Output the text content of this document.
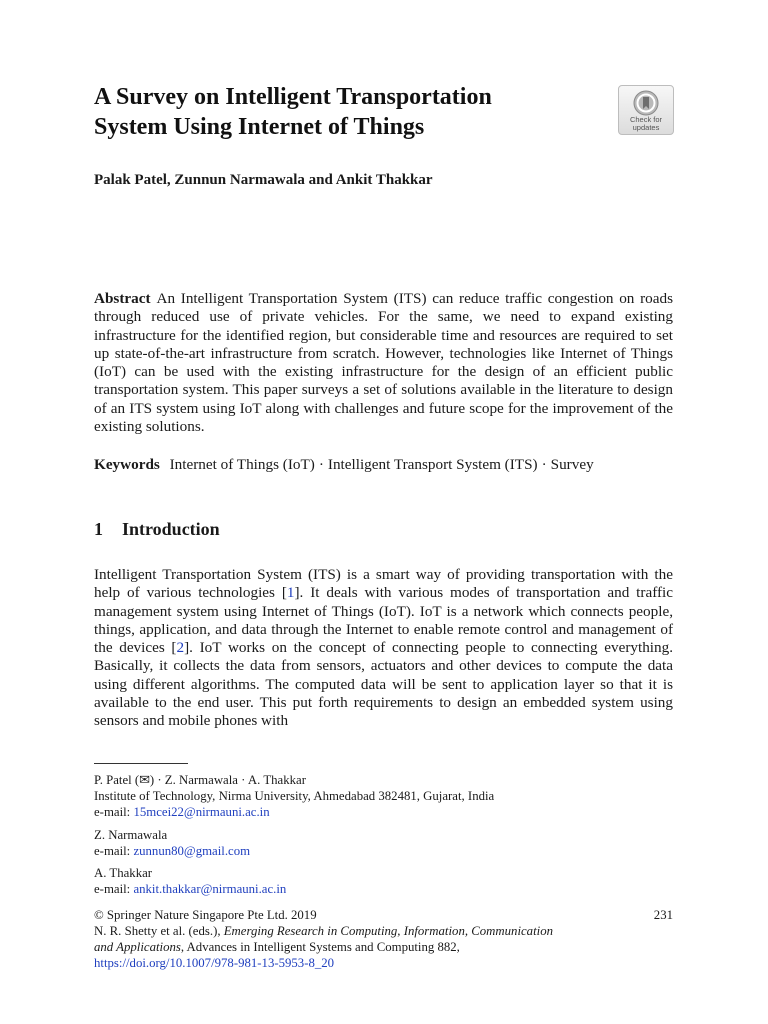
A Survey on Intelligent Transportation
System Using Internet of Things	Check for
updates
Palak Patel, Zunnun Narmawala and Ankit Thakkar
Abstract An Intelligent Transportation System (ITS) can reduce traffic congestion on roads through reduced use of private vehicles. For the same, we need to expand existing infrastructure for the identified region, but considerable time and resources are required to set up state-of-the-art infrastructure from scratch. However, technologies like Internet of Things (IoT) can be used with the existing infrastructure for the design of an efficient public transportation system. This paper surveys a set of solutions available in the literature to design of an ITS system using IoT along with challenges and future scope for the improvement of the existing solutions.
Keywords Internet of Things (IoT) · Intelligent Transport System (ITS) · Survey
1 Introduction
Intelligent Transportation System (ITS) is a smart way of providing transportation with the help of various technologies [1]. It deals with various modes of transportation and traffic management system using Internet of Things (IoT). IoT is a network which connects people, things, application, and data through the Internet to enable remote control and management of the devices [2]. IoT works on the concept of connecting people to connecting everything. Basically, it collects the data from sensors, actuators and other devices to compute the data using different algorithms. The computed data will be sent to application layer so that it is available to the end user. This put forth requirements to design an embedded system using sensors and mobile phones with
P. Patel (✉) · Z. Narmawala · A. Thakkar
Institute of Technology, Nirma University, Ahmedabad 382481, Gujarat, India
e-mail: 15mcei22@nirmauni.ac.in
Z. Narmawala
e-mail: zunnun80@gmail.com
A. Thakkar
e-mail: ankit.thakkar@nirmauni.ac.in
© Springer Nature Singapore Pte Ltd. 2019
N. R. Shetty et al. (eds.), Emerging Research in Computing, Information, Communication
and Applications, Advances in Intelligent Systems and Computing 882,
https://doi.org/10.1007/978-981-13-5953-8_20
231
